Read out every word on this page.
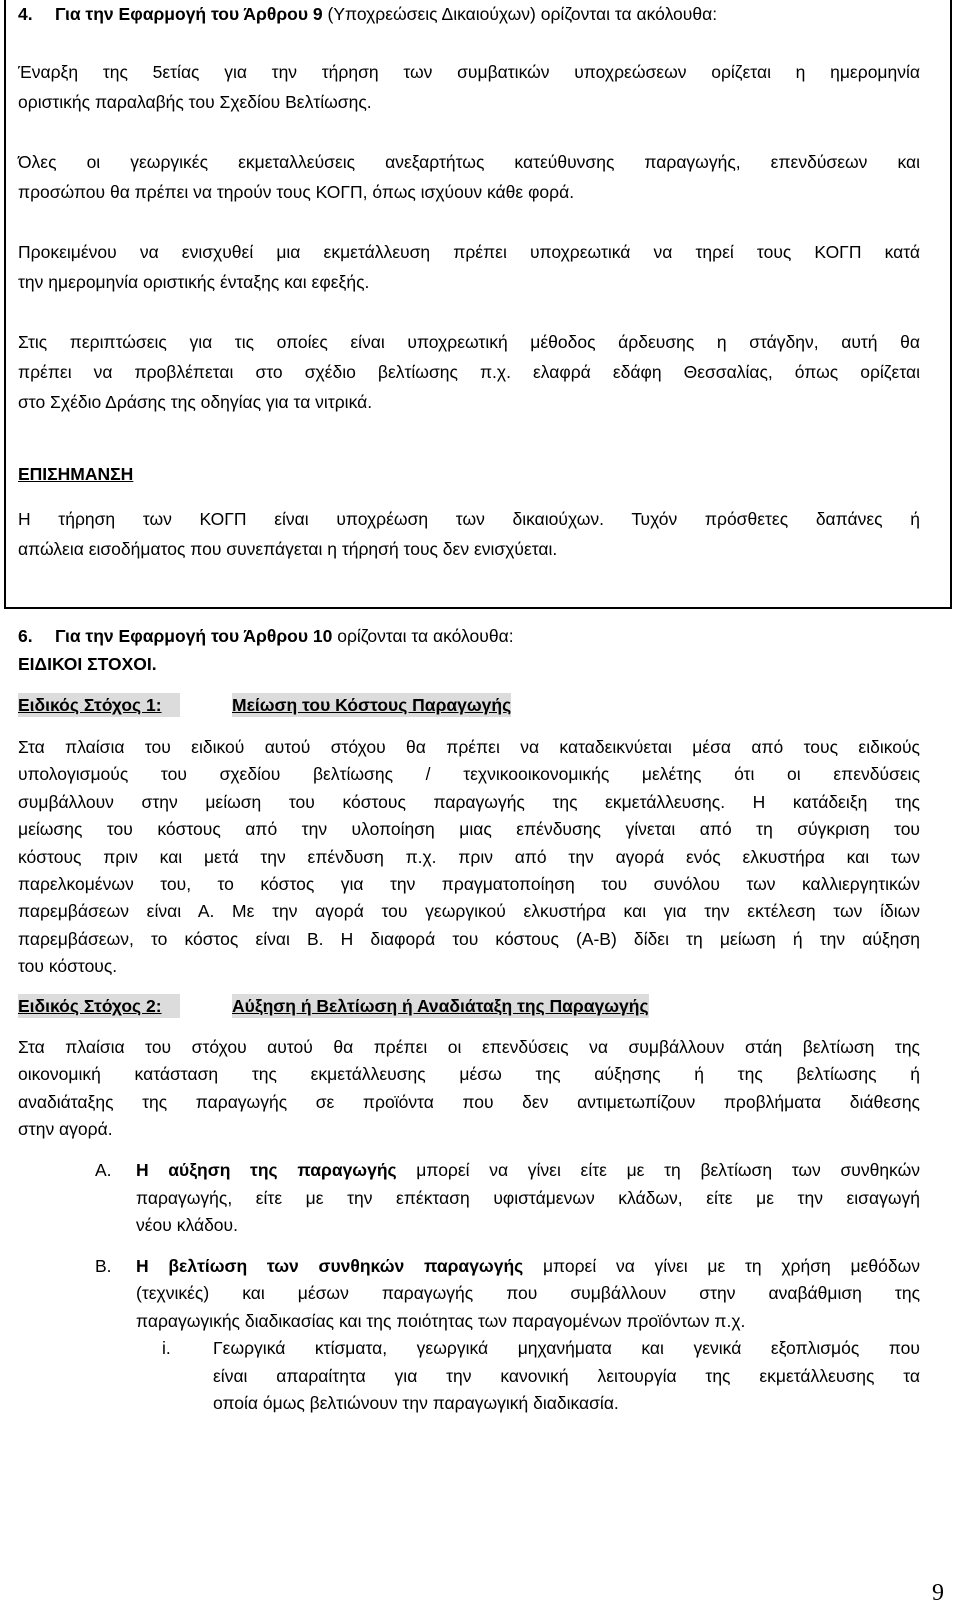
4. Για την Εφαρμογή του Άρθρου 9 (Υποχρεώσεις Δικαιούχων) ορίζονται τα ακόλουθα:
Έναρξη της 5ετίας για την τήρηση των συμβατικών υποχρεώσεων ορίζεται η ημερομηνία
οριστικής παραλαβής του Σχεδίου Βελτίωσης.
Όλες οι γεωργικές εκμεταλλεύσεις ανεξαρτήτως κατεύθυνσης παραγωγής, επενδύσεων και
προσώπου θα πρέπει να τηρούν τους ΚΟΓΠ, όπως ισχύουν κάθε φορά.
Προκειμένου να ενισχυθεί μια εκμετάλλευση πρέπει υποχρεωτικά να τηρεί τους ΚΟΓΠ κατά
την ημερομηνία οριστικής ένταξης και εφεξής.
Στις περιπτώσεις για τις οποίες είναι υποχρεωτική μέθοδος άρδευσης η στάγδην, αυτή θα
πρέπει να προβλέπεται στο σχέδιο βελτίωσης π.χ. ελαφρά εδάφη Θεσσαλίας, όπως ορίζεται
στο Σχέδιο Δράσης της οδηγίας για τα νιτρικά.
ΕΠΙΣΗΜΑΝΣΗ
Η τήρηση των ΚΟΓΠ είναι υποχρέωση των δικαιούχων. Τυχόν πρόσθετες δαπάνες ή
απώλεια εισοδήματος που συνεπάγεται η τήρησή τους δεν ενισχύεται.
6. Για την Εφαρμογή του Άρθρου 10 ορίζονται τα ακόλουθα:
ΕΙΔΙΚΟΙ ΣΤΟΧΟΙ.
Ειδικός Στόχος 1:	Μείωση του Κόστους Παραγωγής
Στα πλαίσια του ειδικού αυτού στόχου θα πρέπει να καταδεικνύεται μέσα από τους ειδικούς
υπολογισμούς του σχεδίου βελτίωσης / τεχνικοοικονομικής μελέτης ότι οι επενδύσεις
συμβάλλουν στην μείωση του κόστους παραγωγής της εκμετάλλευσης. Η κατάδειξη της
μείωσης του κόστους από την υλοποίηση μιας επένδυσης γίνεται από τη σύγκριση του
κόστους πριν και μετά την επένδυση π.χ. πριν από την αγορά ενός ελκυστήρα και των
παρελκομένων του, το κόστος για την πραγματοποίηση του συνόλου των καλλιεργητικών
παρεμβάσεων είναι Α. Με την αγορά του γεωργικού ελκυστήρα και για την εκτέλεση των ίδιων
παρεμβάσεων, το κόστος είναι Β. Η διαφορά του κόστους (Α-Β) δίδει τη μείωση ή την αύξηση
του κόστους.
Ειδικός Στόχος 2:	Αύξηση ή Βελτίωση ή Αναδιάταξη της Παραγωγής
Στα πλαίσια του στόχου αυτού θα πρέπει οι επενδύσεις να συμβάλλουν στάη βελτίωση της
οικονομική κατάσταση της εκμετάλλευσης μέσω της αύξησης ή της βελτίωσης ή
αναδιάταξης της παραγωγής σε προϊόντα που δεν αντιμετωπίζουν προβλήματα διάθεσης
στην αγορά.
Α. Η αύξηση της παραγωγής μπορεί να γίνει είτε με τη βελτίωση των συνθηκών
παραγωγής, είτε με την επέκταση υφιστάμενων κλάδων, είτε με την εισαγωγή
νέου κλάδου.
Β. Η βελτίωση των συνθηκών παραγωγής μπορεί να γίνει με τη χρήση μεθόδων
(τεχνικές) και μέσων παραγωγής που συμβάλλουν στην αναβάθμιση της
παραγωγικής διαδικασίας και της ποιότητας των παραγομένων προϊόντων π.χ.
i. Γεωργικά κτίσματα, γεωργικά μηχανήματα και γενικά εξοπλισμός που
είναι απαραίτητα για την κανονική λειτουργία της εκμετάλλευσης τα
οποία όμως βελτιώνουν την παραγωγική διαδικασία.
9
